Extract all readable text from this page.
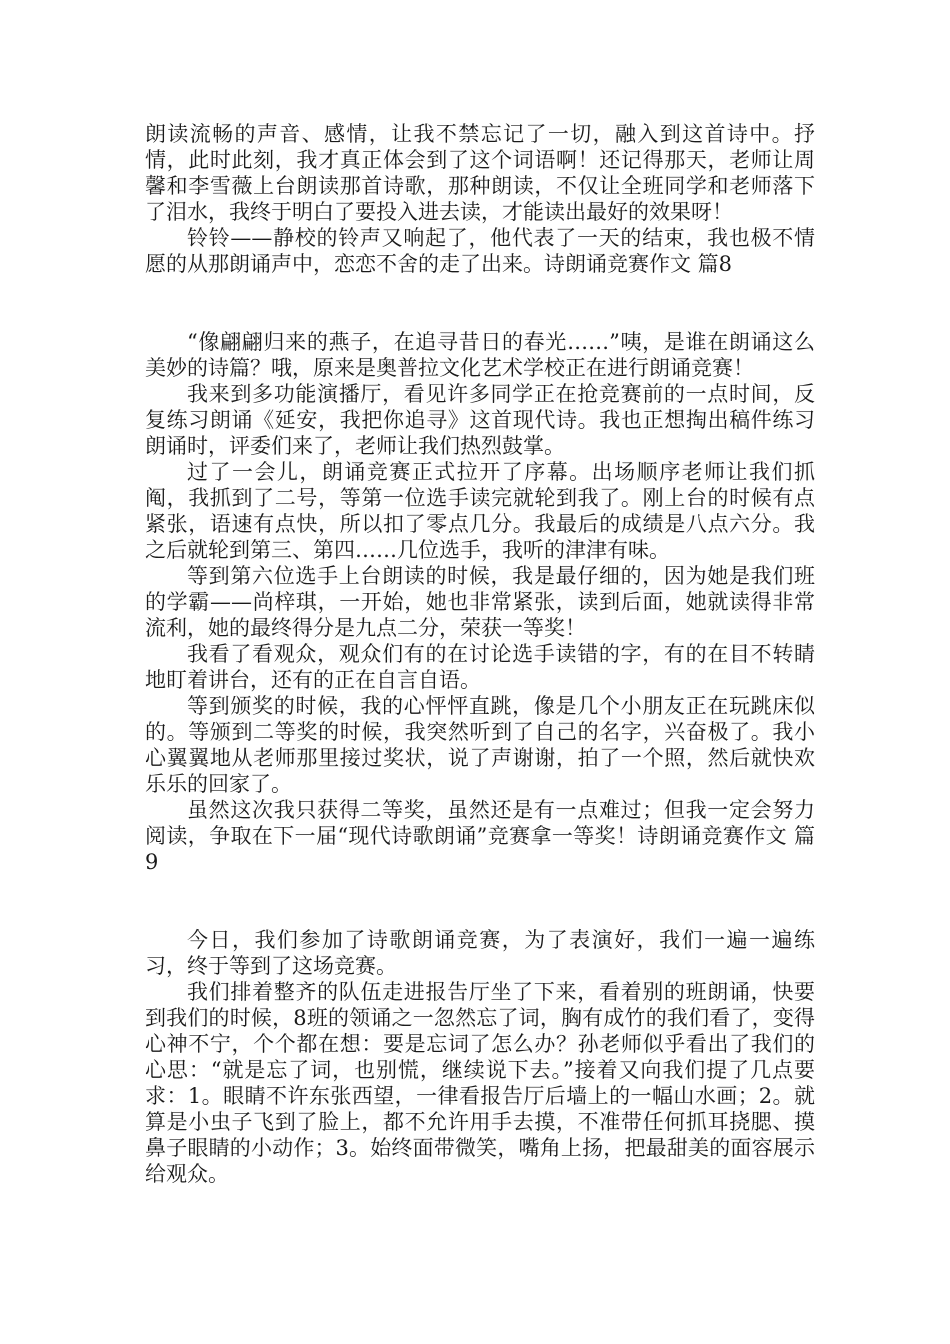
朗读流畅的声音、感情，让我不禁忘记了一切，融入到这首诗中。抒情，此时此刻，我才真正体会到了这个词语啊！还记得那天，老师让周馨和李雪薇上台朗读那首诗歌，那种朗读，不仅让全班同学和老师落下了泪水，我终于明白了要投入进去读，才能读出最好的效果呀！

铃铃——静校的铃声又响起了，他代表了一天的结束，我也极不情愿的从那朗诵声中，恋恋不舍的走了出来。诗朗诵竞赛作文 篇8

“像翩翩归来的燕子，在追寻昔日的春光……”咦，是谁在朗诵这么美妙的诗篇？哦，原来是奥普拉文化艺术学校正在进行朗诵竞赛！

我来到多功能演播厅，看见许多同学正在抢竞赛前的一点时间，反复练习朗诵《延安，我把你追寻》这首现代诗。我也正想掏出稿件练习朗诵时，评委们来了，老师让我们热烈鼓掌。

过了一会儿，朗诵竞赛正式拉开了序幕。出场顺序老师让我们抓阄，我抓到了二号，等第一位选手读完就轮到我了。刚上台的时候有点紧张，语速有点快，所以扣了零点几分。我最后的成绩是八点六分。我之后就轮到第三、第四……几位选手，我听的津津有味。

等到第六位选手上台朗读的时候，我是最仔细的，因为她是我们班的学霸——尚梓琪，一开始，她也非常紧张，读到后面，她就读得非常流利，她的最终得分是九点二分，荣获一等奖！

我看了看观众，观众们有的在讨论选手读错的字，有的在目不转睛地盯着讲台，还有的正在自言自语。

等到颁奖的时候，我的心怦怦直跳，像是几个小朋友正在玩跳床似的。等颁到二等奖的时候，我突然听到了自己的名字，兴奋极了。我小心翼翼地从老师那里接过奖状，说了声谢谢，拍了一个照，然后就快欢乐乐的回家了。

虽然这次我只获得二等奖，虽然还是有一点难过；但我一定会努力阅读，争取在下一届“现代诗歌朗诵”竞赛拿一等奖！诗朗诵竞赛作文 篇9

今日，我们参加了诗歌朗诵竞赛，为了表演好，我们一遍一遍练习，终于等到了这场竞赛。

我们排着整齐的队伍走进报告厅坐了下来，看着别的班朗诵，快要到我们的时候，8班的领诵之一忽然忘了词，胸有成竹的我们看了，变得心神不宁，个个都在想：要是忘词了怎么办？孙老师似乎看出了我们的心思：“就是忘了词，也别慌，继续说下去。”接着又向我们提了几点要求：1。眼睛不许东张西望，一律看报告厅后墙上的一幅山水画；2。就算是小虫子飞到了脸上，都不允许用手去摸，不准带任何抓耳挠腮、摸鼻子眼睛的小动作；3。始终面带微笑，嘴角上扬，把最甜美的面容展示给观众。
